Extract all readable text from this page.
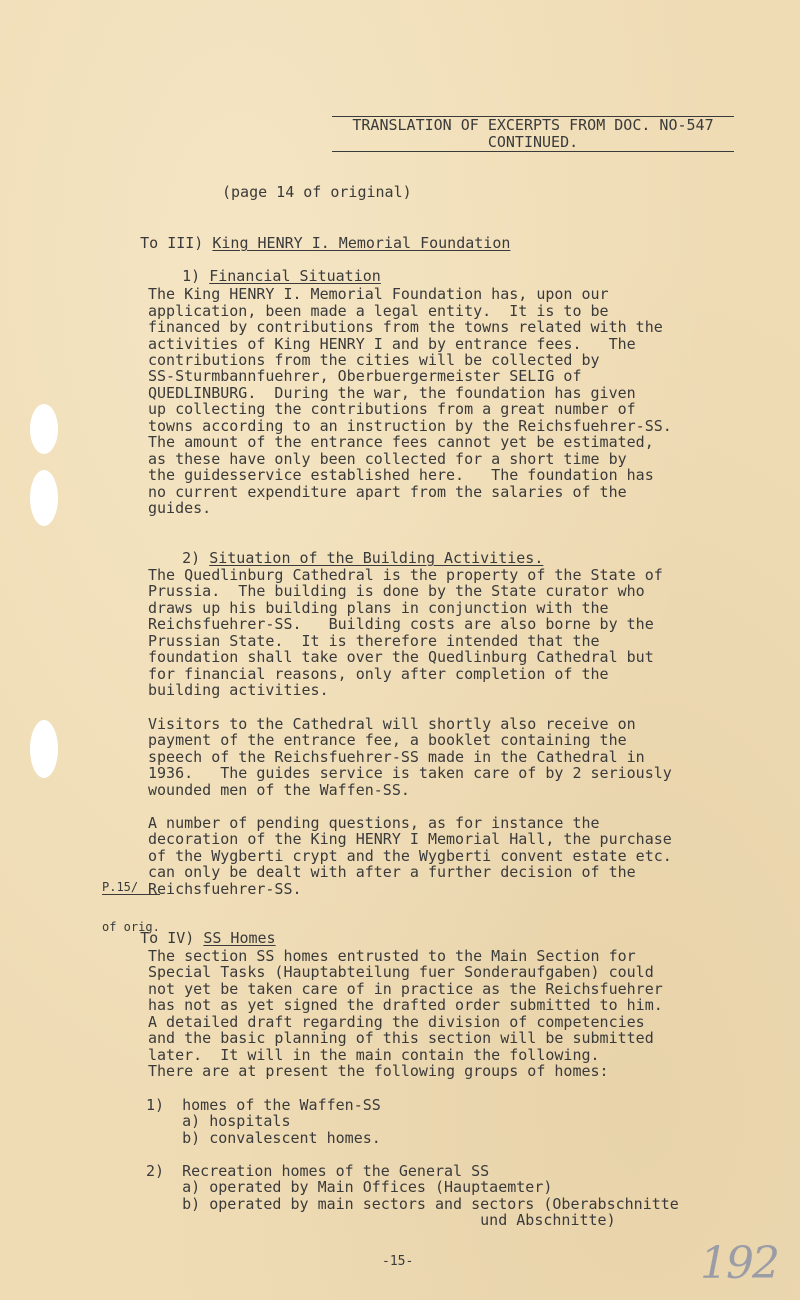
TRANSLATION OF EXCERPTS FROM DOC. NO-547
CONTINUED.
(page 14 of original)

To III) King HENRY I. Memorial Foundation

1) Financial Situation

The King HENRY I. Memorial Foundation has, upon our
application, been made a legal entity.  It is to be
financed by contributions from the towns related with the
activities of King HENRY I and by entrance fees.   The
contributions from the cities will be collected by
SS-Sturmbannfuehrer, Oberbuergermeister SELIG of
QUEDLINBURG.  During the war, the foundation has given
up collecting the contributions from a great number of
towns according to an instruction by the Reichsfuehrer-SS.
The amount of the entrance fees cannot yet be estimated,
as these have only been collected for a short time by
the guidesservice established here.   The foundation has
no current expenditure apart from the salaries of the
guides.

2) Situation of the Building Activities.

The Quedlinburg Cathedral is the property of the State of
Prussia.  The building is done by the State curator who
draws up his building plans in conjunction with the
Reichsfuehrer-SS.   Building costs are also borne by the
Prussian State.  It is therefore intended that the
foundation shall take over the Quedlinburg Cathedral but
for financial reasons, only after completion of the
building activities.
Visitors to the Cathedral will shortly also receive on
payment of the entrance fee, a booklet containing the
speech of the Reichsfuehrer-SS made in the Cathedral in
1936.   The guides service is taken care of by 2 seriously
wounded men of the Waffen-SS.
A number of pending questions, as for instance the
decoration of the King HENRY I Memorial Hall, the purchase
of the Wygberti crypt and the Wygberti convent estate etc.
can only be dealt with after a further decision of the
Reichsfuehrer-SS.

P.15/

of orig.

To IV) SS Homes

The section SS homes entrusted to the Main Section for
Special Tasks (Hauptabteilung fuer Sonderaufgaben) could
not yet be taken care of in practice as the Reichsfuehrer
has not as yet signed the drafted order submitted to him.
A detailed draft regarding the division of competencies
and the basic planning of this section will be submitted
later.  It will in the main contain the following.
There are at present the following groups of homes:
1)  homes of the Waffen-SS
a) hospitals
b) convalescent homes.
2)  Recreation homes of the General SS
a) operated by Main Offices (Hauptaemter)
b) operated by main sectors and sectors (Oberabschnitte
und Abschnitte)
-15-	192
